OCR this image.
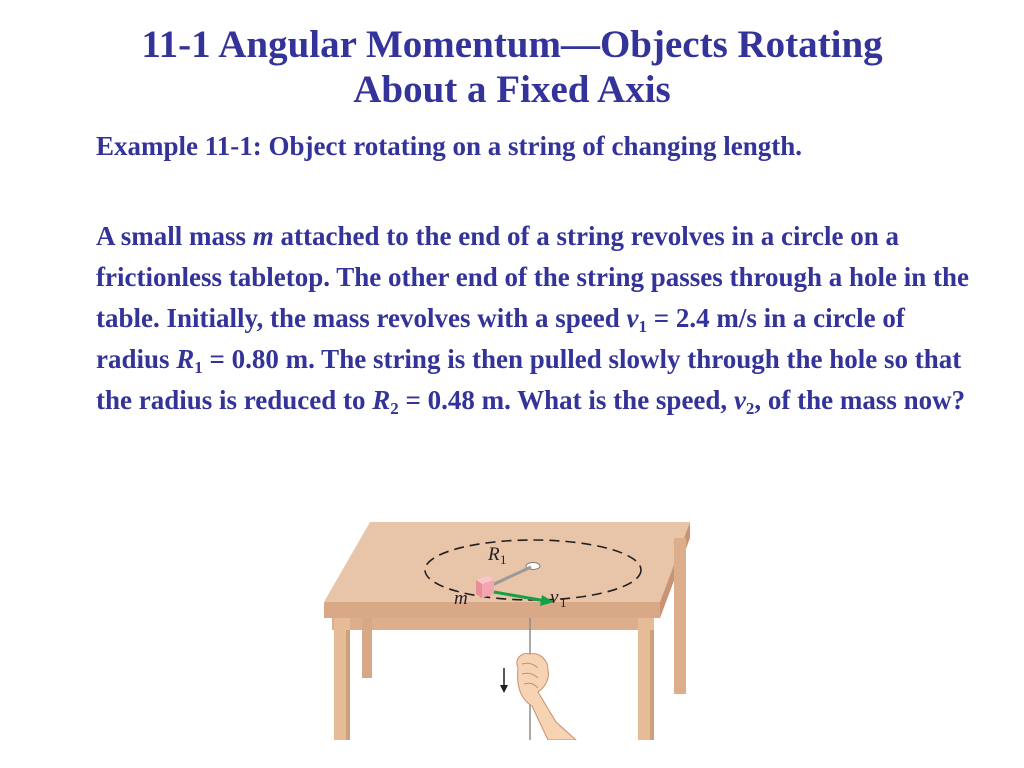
11-1 Angular Momentum—Objects Rotating
About a Fixed Axis
Example 11-1: Object rotating on a string of changing length.
A small mass m attached to the end of a string revolves in a circle on a frictionless tabletop. The other end of the string passes through a hole in the table. Initially, the mass revolves with a speed $v_1 = 2.4$ m/s in a circle of radius $R_1 = 0.80$ m. The string is then pulled slowly through the hole so that the radius is reduced to $R_2 = 0.48$ m. What is the speed, $v_2$, of the mass now?
R 1
m	v 1
